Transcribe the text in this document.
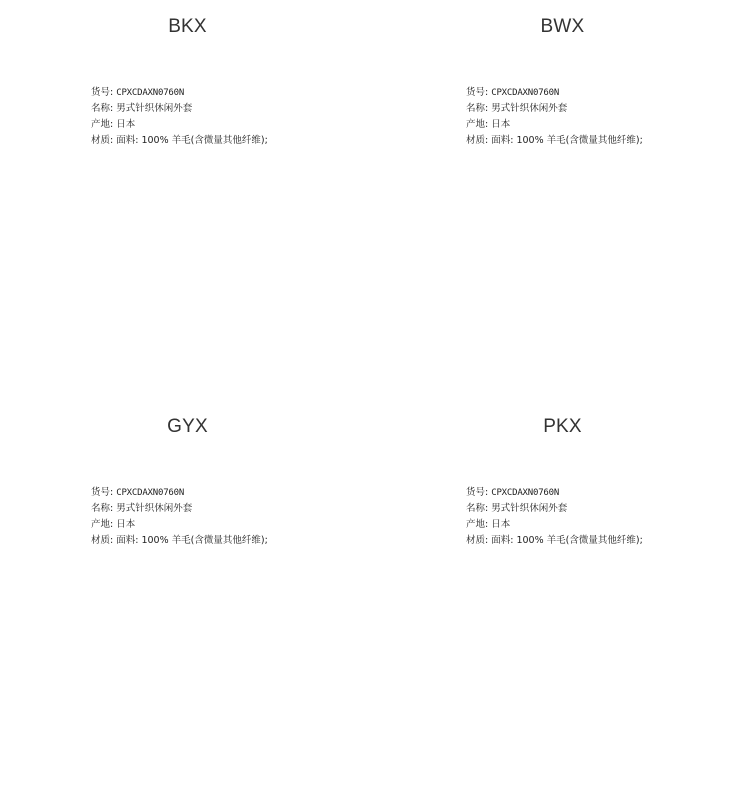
BKX
货号: CPXCDAXN0760N
名称: 男式针织休闲外套
产地: 日本
材质: 面料: 100% 羊毛(含微量其他纤维);
BWX
货号: CPXCDAXN0760N
名称: 男式针织休闲外套
产地: 日本
材质: 面料: 100% 羊毛(含微量其他纤维);
GYX
货号: CPXCDAXN0760N
名称: 男式针织休闲外套
产地: 日本
材质: 面料: 100% 羊毛(含微量其他纤维);
PKX
货号: CPXCDAXN0760N
名称: 男式针织休闲外套
产地: 日本
材质: 面料: 100% 羊毛(含微量其他纤维);
